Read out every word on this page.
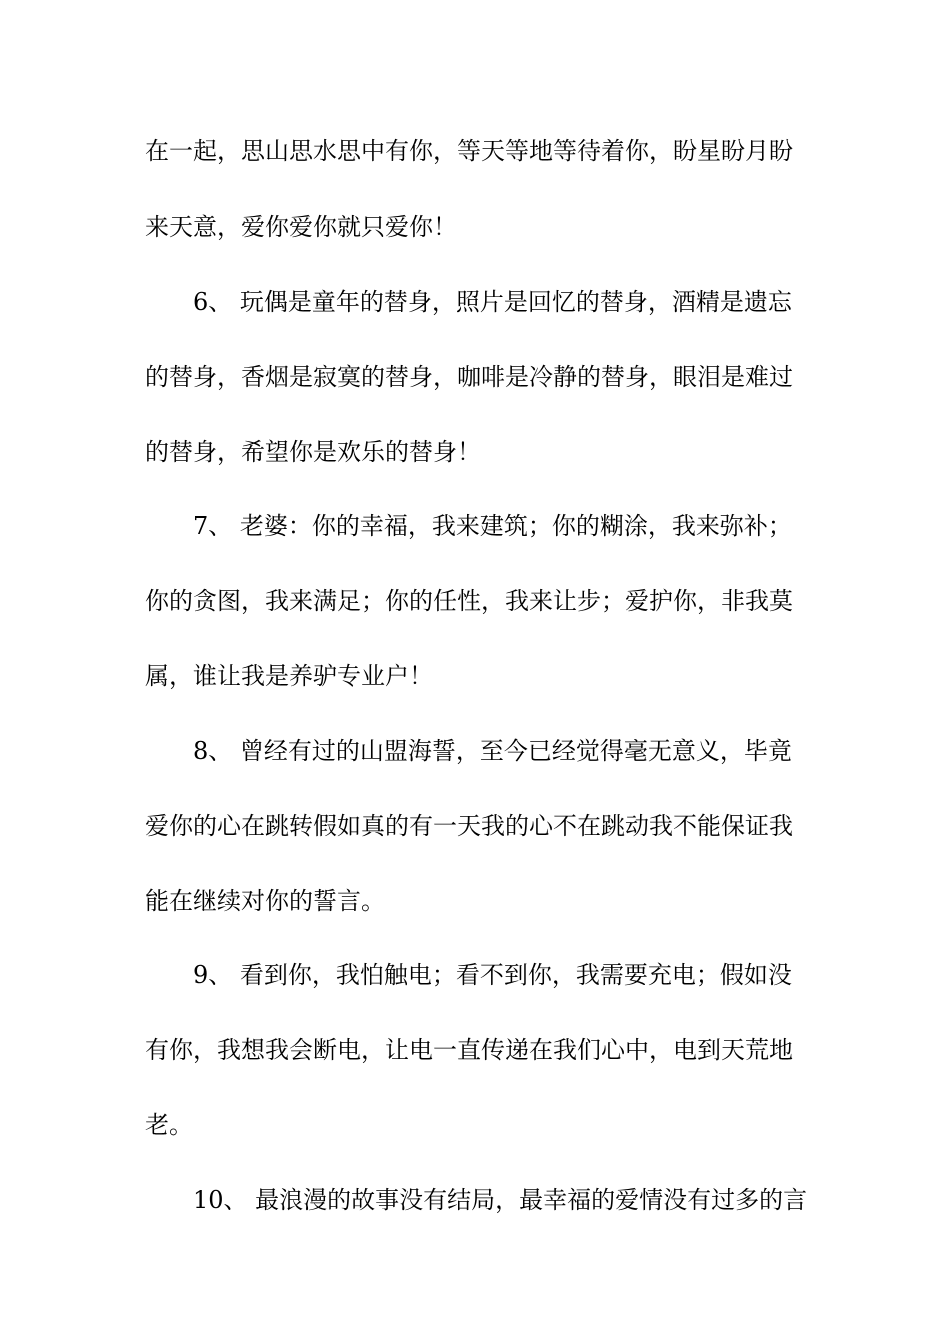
在一起，思山思水思中有你，等天等地等待着你，盼星盼月盼
来天意，爱你爱你就只爱你！
6、 玩偶是童年的替身，照片是回忆的替身，酒精是遗忘
的替身，香烟是寂寞的替身，咖啡是冷静的替身，眼泪是难过
的替身，希望你是欢乐的替身！
7、 老婆：你的幸福，我来建筑；你的糊涂，我来弥补；
你的贪图，我来满足；你的任性，我来让步；爱护你，非我莫
属，谁让我是养驴专业户！
8、 曾经有过的山盟海誓，至今已经觉得毫无意义，毕竟
爱你的心在跳转假如真的有一天我的心不在跳动我不能保证我
能在继续对你的誓言。
9、 看到你，我怕触电；看不到你，我需要充电；假如没
有你，我想我会断电，让电一直传递在我们心中，电到天荒地
老。
10、 最浪漫的故事没有结局，最幸福的爱情没有过多的言
